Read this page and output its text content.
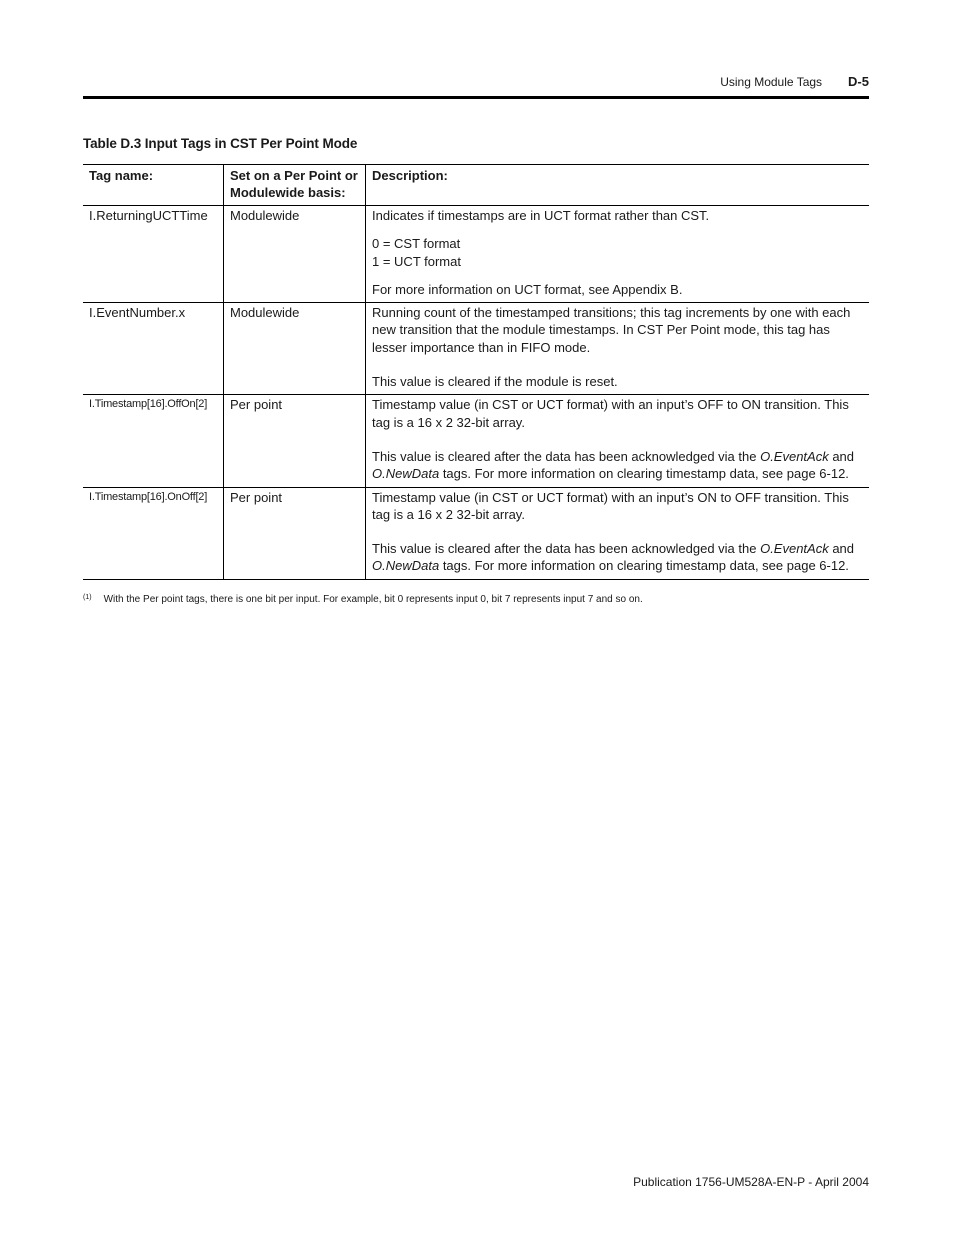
Using Module Tags D-5
Table D.3 Input Tags in CST Per Point Mode
Tag name:	Set on a Per Point or Modulewide basis:	Description:
I.ReturningUCTTime	Modulewide	Indicates if timestamps are in UCT format rather than CST.

0 = CST format

1 = UCT format

For more information on UCT format, see Appendix B.

I.EventNumber.x	Modulewide	Running count of the timestamped transitions; this tag increments by one with each new transition that the module timestamps. In CST Per Point mode, this tag has lesser importance than in FIFO mode.

This value is cleared if the module is reset.

I.Timestamp[16].OffOn[2]	Per point	Timestamp value (in CST or UCT format) with an input’s OFF to ON transition. This tag is a 16 x 2 32-bit array.

This value is cleared after the data has been acknowledged via the O.EventAck and O.NewData tags. For more information on clearing timestamp data, see page 6-12.

I.Timestamp[16].OnOff[2]	Per point	Timestamp value (in CST or UCT format) with an input’s ON to OFF transition. This tag is a 16 x 2 32-bit array.

This value is cleared after the data has been acknowledged via the O.EventAck and O.NewData tags. For more information on clearing timestamp data, see page 6-12.

$^{(1)}$ With the Per point tags, there is one bit per input. For example, bit 0 represents input 0, bit 7 represents input 7 and so on.
Publication 1756-UM528A-EN-P - April 2004
